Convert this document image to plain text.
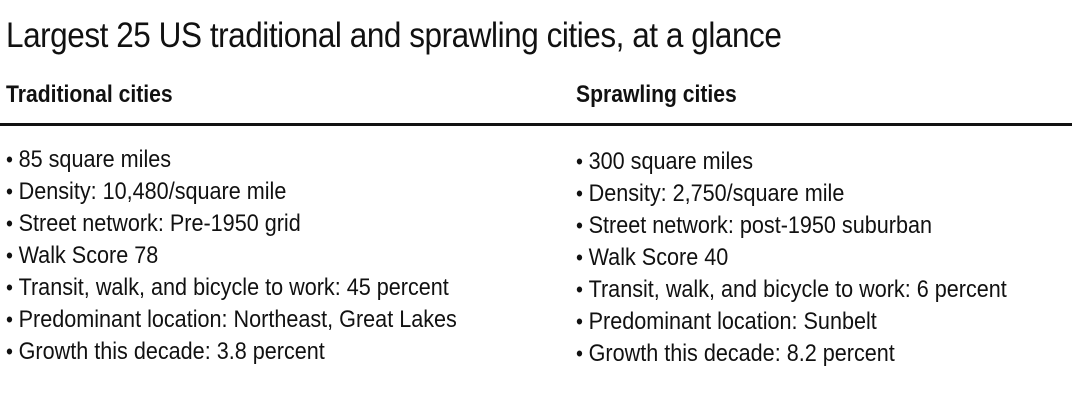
Largest 25 US traditional and sprawling cities, at a glance
Traditional cities	Sprawling cities
• 85 square miles
• Density: 10,480/square mile
• Street network: Pre-1950 grid
• Walk Score 78
• Transit, walk, and bicycle to work: 45 percent
• Predominant location: Northeast, Great Lakes
• Growth this decade: 3.8 percent
• 300 square miles
• Density: 2,750/square mile
• Street network: post-1950 suburban
• Walk Score 40
• Transit, walk, and bicycle to work: 6 percent
• Predominant location: Sunbelt
• Growth this decade: 8.2 percent
